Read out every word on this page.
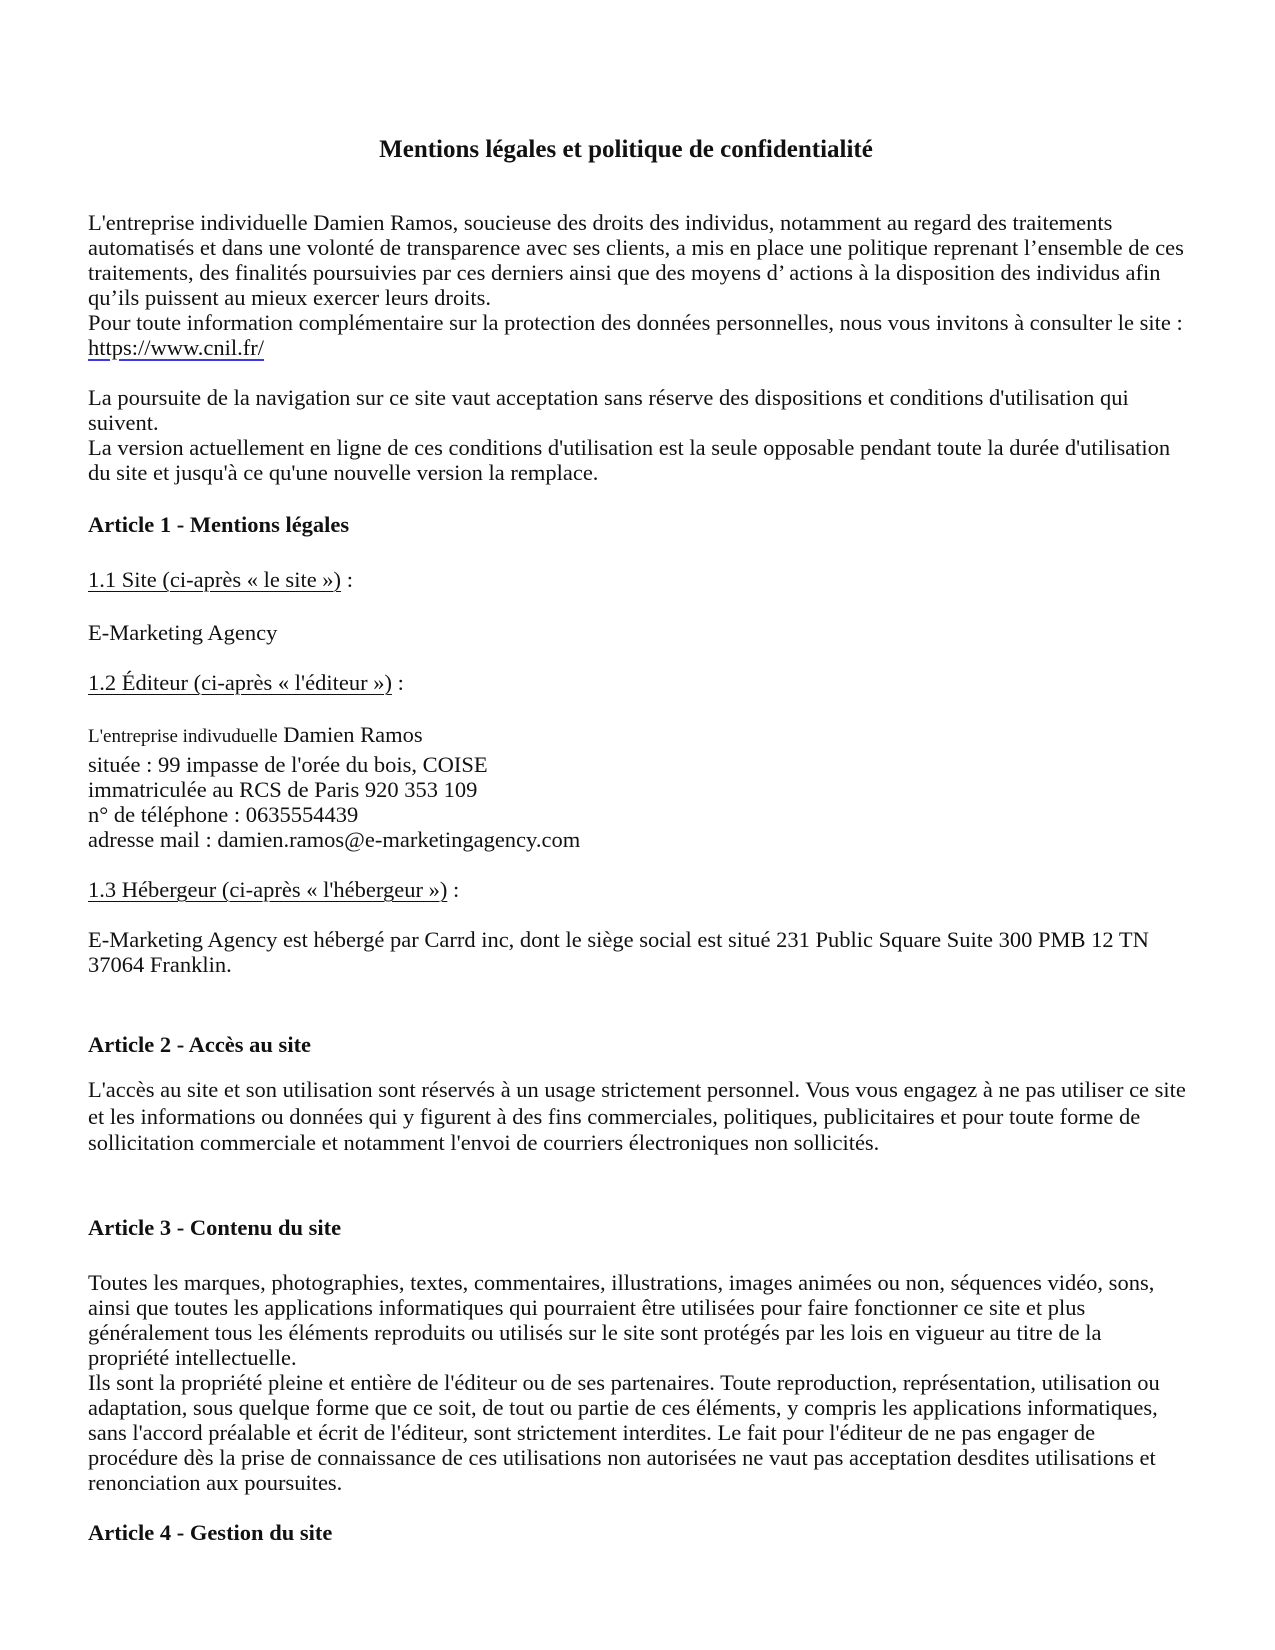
Mentions légales et politique de confidentialité

L'entreprise individuelle Damien Ramos, soucieuse des droits des individus, notamment au regard des traitements automatisés et dans une volonté de transparence avec ses clients, a mis en place une politique reprenant l’ensemble de ces traitements, des finalités poursuivies par ces derniers ainsi que des moyens d’ actions à la disposition des individus afin qu’ils puissent au mieux exercer leurs droits.

Pour toute information complémentaire sur la protection des données personnelles, nous vous invitons à consulter le site : https://www.cnil.fr/

La poursuite de la navigation sur ce site vaut acceptation sans réserve des dispositions et conditions d'utilisation qui suivent.

La version actuellement en ligne de ces conditions d'utilisation est la seule opposable pendant toute la durée d'utilisation du site et jusqu'à ce qu'une nouvelle version la remplace.

Article 1 - Mentions légales
1.1 Site (ci-après « le site ») :
E-Marketing Agency
1.2 Éditeur (ci-après « l'éditeur ») :

L'entreprise indivuduelle Damien Ramos

située : 99 impasse de l'orée du bois, COISE

immatriculée au RCS de Paris 920 353 109

n° de téléphone : 0635554439

adresse mail : damien.ramos@e-marketingagency.com

1.3 Hébergeur (ci-après « l'hébergeur ») :
E-Marketing Agency est hébergé par Carrd inc, dont le siège social est situé 231 Public Square Suite 300 PMB 12 TN 37064 Franklin.
Article 2 - Accès au site
L'accès au site et son utilisation sont réservés à un usage strictement personnel. Vous vous engagez à ne pas utiliser ce site et les informations ou données qui y figurent à des fins commerciales, politiques, publicitaires et pour toute forme de sollicitation commerciale et notamment l'envoi de courriers électroniques non sollicités.
Article 3 - Contenu du site

Toutes les marques, photographies, textes, commentaires, illustrations, images animées ou non, séquences vidéo, sons, ainsi que toutes les applications informatiques qui pourraient être utilisées pour faire fonctionner ce site et plus généralement tous les éléments reproduits ou utilisés sur le site sont protégés par les lois en vigueur au titre de la propriété intellectuelle.

Ils sont la propriété pleine et entière de l'éditeur ou de ses partenaires. Toute reproduction, représentation, utilisation ou adaptation, sous quelque forme que ce soit, de tout ou partie de ces éléments, y compris les applications informatiques, sans l'accord préalable et écrit de l'éditeur, sont strictement interdites. Le fait pour l'éditeur de ne pas engager de procédure dès la prise de connaissance de ces utilisations non autorisées ne vaut pas acceptation desdites utilisations et renonciation aux poursuites.

Article 4 - Gestion du site
